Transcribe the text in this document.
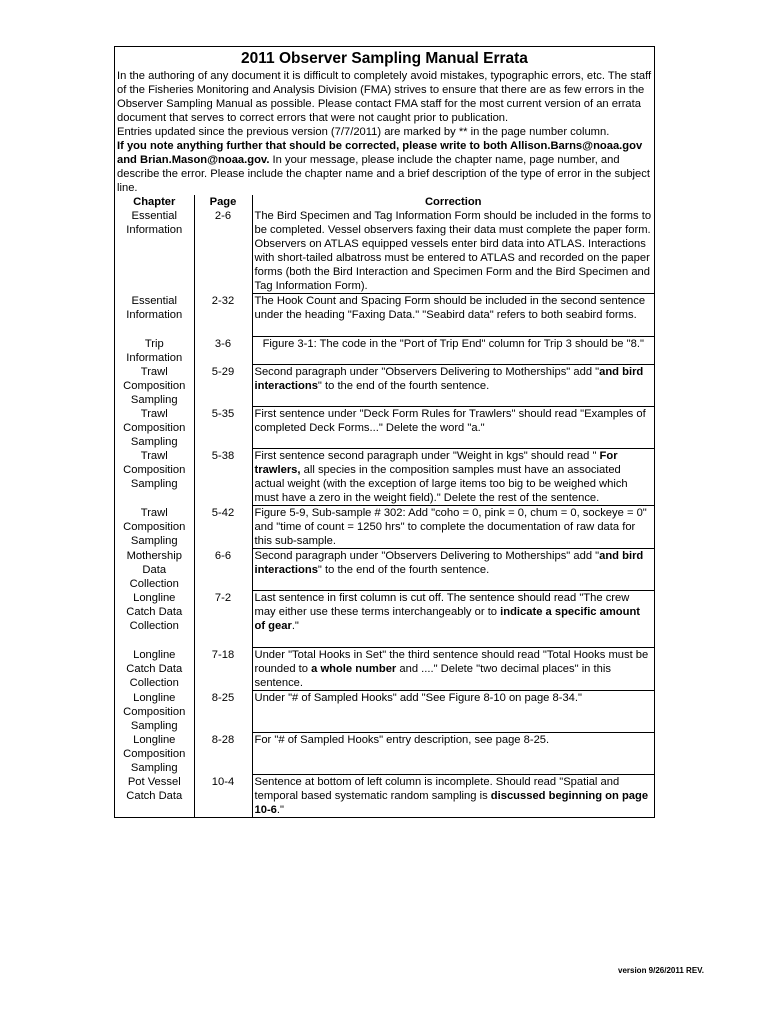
2011 Observer Sampling Manual Errata

In the authoring of any document it is difficult to completely avoid mistakes, typographic errors, etc. The staff of the Fisheries Monitoring and Analysis Division (FMA) strives to ensure that there are as few errors in the Observer Sampling Manual as possible. Please contact FMA staff for the most current version of an errata document that serves to correct errors that were not caught prior to publication.

Entries updated since the previous version (7/7/2011) are marked by ** in the page number column.

If you note anything further that should be corrected, please write to both Allison.Barns@noaa.gov and Brian.Mason@noaa.gov. In your message, please include the chapter name, page number, and describe the error. Please include the chapter name and a brief description of the type of error in the subject line.

Chapter	Page	Correction
Essential Information	2-6	The Bird Specimen and Tag Information Form should be included in the forms to be completed. Vessel observers faxing their data must complete the paper form. Observers on ATLAS equipped vessels enter bird data into ATLAS. Interactions with short-tailed albatross must be entered to ATLAS and recorded on the paper forms (both the Bird Interaction and Specimen Form and the Bird Specimen and Tag Information Form).
Essential Information	2-32	The Hook Count and Spacing Form should be included in the second sentence under the heading "Faxing Data." "Seabird data" refers to both seabird forms.
Trip Information	3-6	Figure 3-1: The code in the "Port of Trip End" column for Trip 3 should be "8."
Trawl Composition Sampling	5-29	Second paragraph under "Observers Delivering to Motherships" add "and bird interactions" to the end of the fourth sentence.
Trawl Composition Sampling	5-35	First sentence under "Deck Form Rules for Trawlers" should read "Examples of completed Deck Forms..." Delete the word "a."
Trawl Composition Sampling	5-38	First sentence second paragraph under "Weight in kgs" should read " For trawlers, all species in the composition samples must have an associated actual weight (with the exception of large items too big to be weighed which must have a zero in the weight field)." Delete the rest of the sentence.
Trawl Composition Sampling	5-42	Figure 5-9, Sub-sample # 302: Add "coho = 0, pink = 0, chum = 0, sockeye = 0" and "time of count = 1250 hrs" to complete the documentation of raw data for this sub-sample.
Mothership Data Collection	6-6	Second paragraph under "Observers Delivering to Motherships" add "and bird interactions" to the end of the fourth sentence.
Longline Catch Data Collection	7-2	Last sentence in first column is cut off. The sentence should read "The crew may either use these terms interchangeably or to indicate a specific amount of gear."
Longline Catch Data Collection	7-18	Under "Total Hooks in Set" the third sentence should read "Total Hooks must be rounded to a whole number and ...." Delete "two decimal places" in this sentence.
Longline Composition Sampling	8-25	Under "# of Sampled Hooks" add "See Figure 8-10 on page 8-34."
Longline Composition Sampling	8-28	For "# of Sampled Hooks" entry description, see page 8-25.
Pot Vessel Catch Data	10-4	Sentence at bottom of left column is incomplete. Should read "Spatial and temporal based systematic random sampling is discussed beginning on page 10-6."
version 9/26/2011 REV.
